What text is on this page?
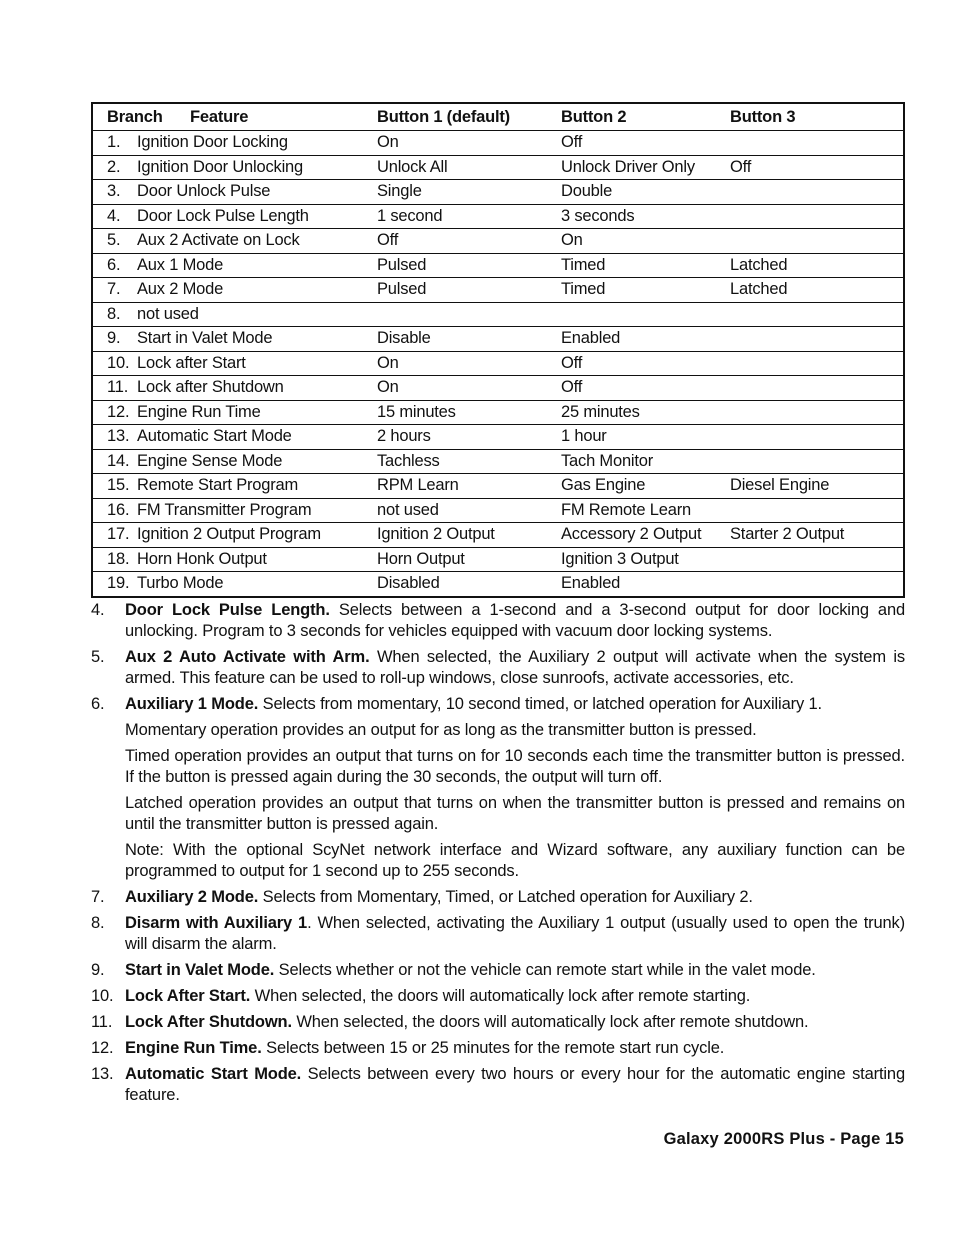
Branch	Feature	Button 1 (default)	Button 2	Button 3
1.	Ignition Door Locking	On	Off
2.	Ignition Door Unlocking	Unlock All	Unlock Driver Only	Off
3.	Door Unlock Pulse	Single	Double
4.	Door Lock Pulse Length	1 second	3 seconds
5.	Aux 2 Activate on Lock	Off	On
6.	Aux 1 Mode	Pulsed	Timed	Latched
7.	Aux 2 Mode	Pulsed	Timed	Latched
8.	not used
9.	Start in Valet Mode	Disable	Enabled
10. Lock after Start	On	Off
11. Lock after Shutdown	On	Off
12. Engine Run Time	15 minutes	25 minutes
13. Automatic Start Mode	2 hours	1 hour
14. Engine Sense Mode	Tachless	Tach Monitor
15. Remote Start Program	RPM Learn	Gas Engine	Diesel Engine
16. FM Transmitter Program	not used	FM Remote Learn
17. Ignition 2 Output Program	Ignition 2 Output	Accessory 2 Output	Starter 2 Output
18. Horn Honk Output	Horn Output	Ignition 3 Output
19. Turbo Mode	Disabled	Enabled
4.	Door Lock Pulse Length. Selects between a 1-second and a 3-second output for door locking and unlocking. Program to 3 seconds for vehicles equipped with vacuum door locking systems.

5.	Aux 2 Auto Activate with Arm. When selected, the Auxiliary 2 output will activate when the system is armed. This feature can be used to roll-up windows, close sunroofs, activate accessories, etc.

6.	Auxiliary 1 Mode. Selects from momentary, 10 second timed, or latched operation for Auxiliary 1.

Momentary operation provides an output for as long as the transmitter button is pressed.

Timed operation provides an output that turns on for 10 seconds each time the transmitter button is pressed. If the button is pressed again during the 30 seconds, the output will turn off.

Latched operation provides an output that turns on when the transmitter button is pressed and remains on until the transmitter button is pressed again.

Note: With the optional ScyNet network interface and Wizard software, any auxiliary function can be programmed to output for 1 second up to 255 seconds.

7.	Auxiliary 2 Mode. Selects from Momentary, Timed, or Latched operation for Auxiliary 2.

8.	Disarm with Auxiliary 1. When selected, activating the Auxiliary 1 output (usually used to open the trunk) will disarm the alarm.

9.	Start in Valet Mode. Selects whether or not the vehicle can remote start while in the valet mode.

10. Lock After Start. When selected, the doors will automatically lock after remote starting.

11. Lock After Shutdown. When selected, the doors will automatically lock after remote shutdown.

12. Engine Run Time. Selects between 15 or 25 minutes for the remote start run cycle.

13. Automatic Start Mode. Selects between every two hours or every hour for the automatic engine starting feature.

Galaxy 2000RS Plus - Page 15
